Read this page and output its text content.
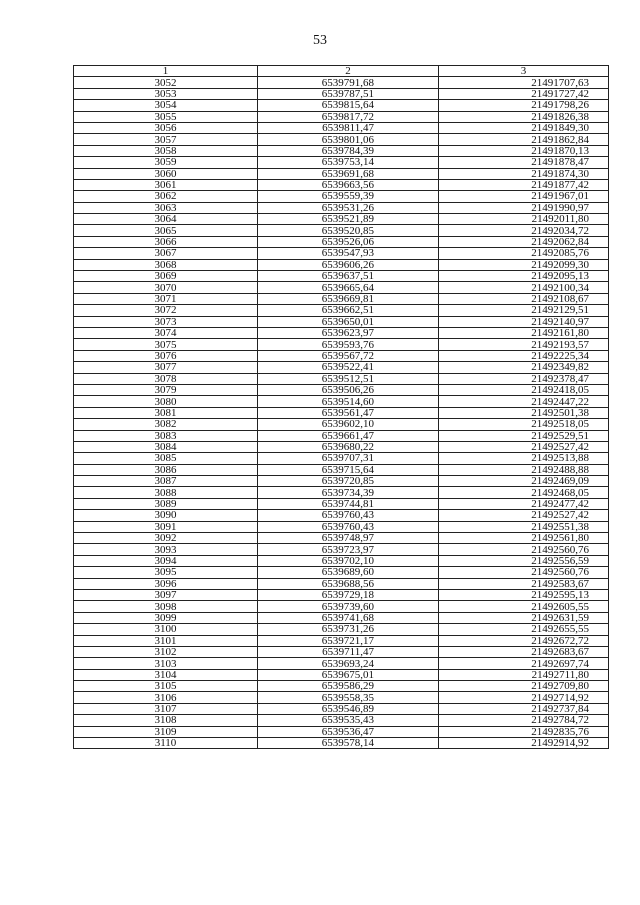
53
1	2	3
3052	6539791,68	21491707,63
3053	6539787,51	21491727,42
3054	6539815,64	21491798,26
3055	6539817,72	21491826,38
3056	6539811,47	21491849,30
3057	6539801,06	21491862,84
3058	6539784,39	21491870,13
3059	6539753,14	21491878,47
3060	6539691,68	21491874,30
3061	6539663,56	21491877,42
3062	6539559,39	21491967,01
3063	6539531,26	21491990,97
3064	6539521,89	21492011,80
3065	6539520,85	21492034,72
3066	6539526,06	21492062,84
3067	6539547,93	21492085,76
3068	6539606,26	21492099,30
3069	6539637,51	21492095,13
3070	6539665,64	21492100,34
3071	6539669,81	21492108,67
3072	6539662,51	21492129,51
3073	6539650,01	21492140,97
3074	6539623,97	21492161,80
3075	6539593,76	21492193,57
3076	6539567,72	21492225,34
3077	6539522,41	21492349,82
3078	6539512,51	21492378,47
3079	6539506,26	21492418,05
3080	6539514,60	21492447,22
3081	6539561,47	21492501,38
3082	6539602,10	21492518,05
3083	6539661,47	21492529,51
3084	6539680,22	21492527,42
3085	6539707,31	21492513,88
3086	6539715,64	21492488,88
3087	6539720,85	21492469,09
3088	6539734,39	21492468,05
3089	6539744,81	21492477,42
3090	6539760,43	21492527,42
3091	6539760,43	21492551,38
3092	6539748,97	21492561,80
3093	6539723,97	21492560,76
3094	6539702,10	21492556,59
3095	6539689,60	21492560,76
3096	6539688,56	21492583,67
3097	6539729,18	21492595,13
3098	6539739,60	21492605,55
3099	6539741,68	21492631,59
3100	6539731,26	21492655,55
3101	6539721,17	21492672,72
3102	6539711,47	21492683,67
3103	6539693,24	21492697,74
3104	6539675,01	21492711,80
3105	6539586,29	21492709,80
3106	6539558,35	21492714,92
3107	6539546,89	21492737,84
3108	6539535,43	21492784,72
3109	6539536,47	21492835,76
3110	6539578,14	21492914,92
